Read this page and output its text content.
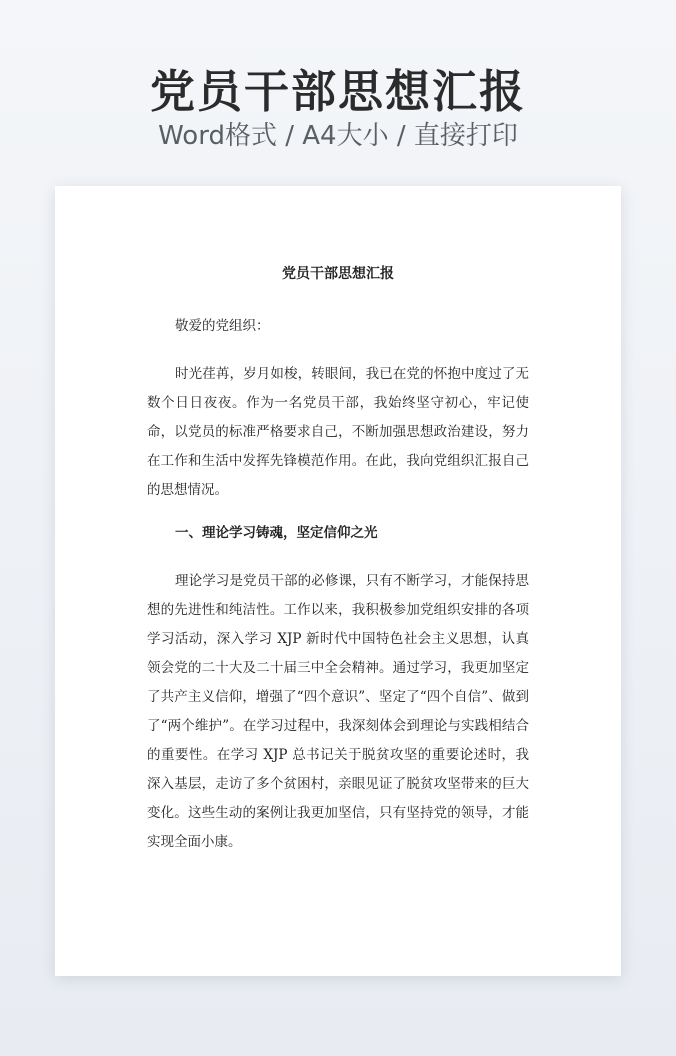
党员干部思想汇报
Word格式 / A4大小 / 直接打印
党员干部思想汇报

敬爱的党组织：

时光荏苒，岁月如梭，转眼间，我已在党的怀抱中度过了无数个日日夜夜。作为一名党员干部，我始终坚守初心，牢记使命，以党员的标准严格要求自己，不断加强思想政治建设，努力在工作和生活中发挥先锋模范作用。在此，我向党组织汇报自己的思想情况。

一、理论学习铸魂，坚定信仰之光

理论学习是党员干部的必修课，只有不断学习，才能保持思想的先进性和纯洁性。工作以来，我积极参加党组织安排的各项学习活动，深入学习 XJP 新时代中国特色社会主义思想，认真领会党的二十大及二十届三中全会精神。通过学习，我更加坚定了共产主义信仰，增强了“四个意识”、坚定了“四个自信”、做到了“两个维护”。在学习过程中，我深刻体会到理论与实践相结合的重要性。在学习 XJP 总书记关于脱贫攻坚的重要论述时，我深入基层，走访了多个贫困村，亲眼见证了脱贫攻坚带来的巨大变化。这些生动的案例让我更加坚信，只有坚持党的领导，才能实现全面小康。
